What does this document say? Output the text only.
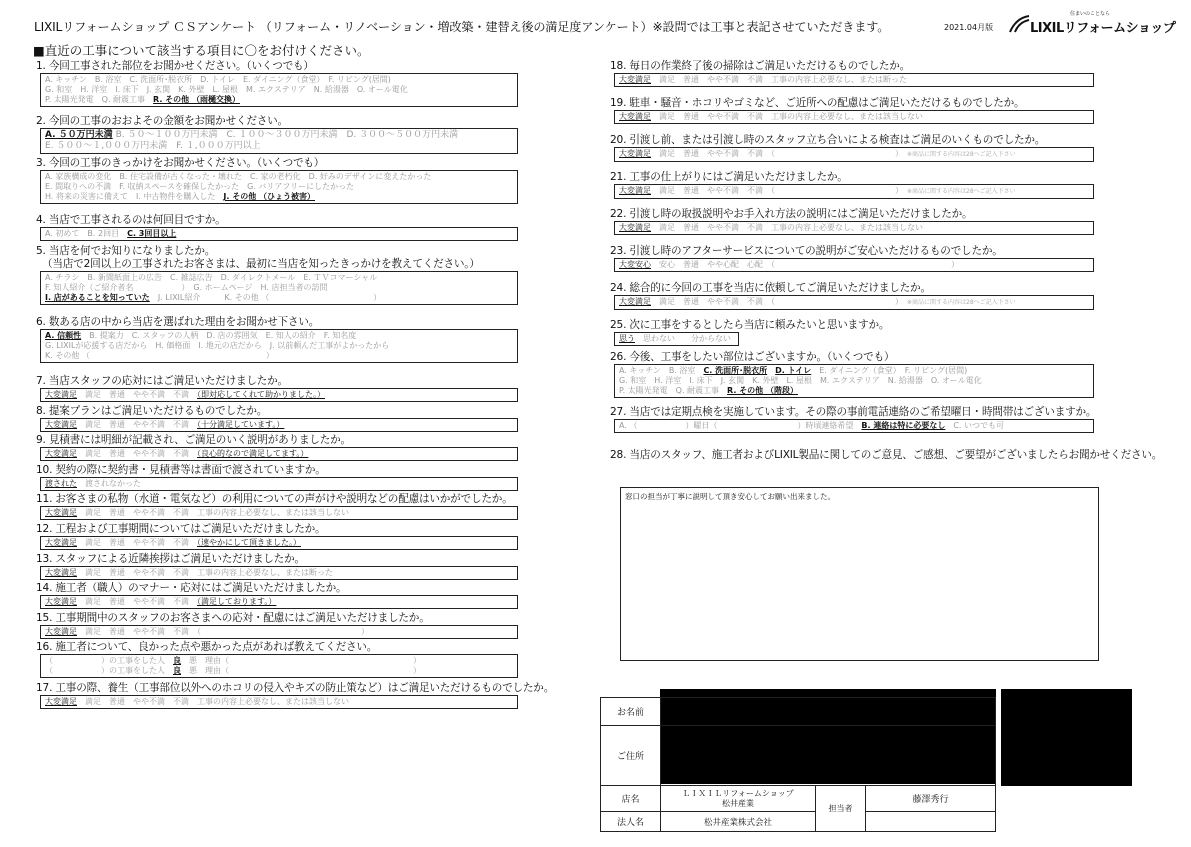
LIXILリフォームショップ ＣＳアンケート （リフォーム・リノベーション・増改築・建替え後の満足度アンケート）※設問では工事と表記させていただきます。	2021.04月版
住まいのことなら
LIXILリフォームショップ
■直近の工事について該当する項目に〇をお付けください。
1. 今回工事された部位をお聞かせください。（いくつでも）
A. キッチン　B. 浴室　C. 洗面所･脱衣所　D. トイレ　E. ダイニング（食堂）　F. リビング(居間)
G. 和室　H. 洋室　I. 床下　J. 玄関　K. 外壁　L. 屋根　M. エクステリア　N. 給湯器　O. オール電化
P. 太陽光発電　Q. 耐震工事　 R. その他 （雨樋交換）
2. 今回の工事のおおよその金額をお聞かせください。
A. ５０万円未満 B. ５０～１００万円未満　C. １００～３００万円未満　D. ３００～５００万円未満
E. ５００～１,０００万円未満　F. １,０００万円以上
3. 今回の工事のきっかけをお聞かせください。（いくつでも）
A. 家族構成の変化　B. 住宅設備が古くなった・壊れた　C. 家の老朽化　D. 好みのデザインに変えたかった
E. 間取りへの不満　F. 収納スペースを確保したかった　G. バリアフリーにしたかった
H. 将来の災害に備えて　I. 中古物件を購入した　 J. その他 （ひょう被害）
4. 当店で工事されるのは何回目ですか。
A. 初めて　B. 2回目　 C. 3回目以上
5. 当店を何でお知りになりましたか。
（当店で2回以上の工事されたお客さまは、最初に当店を知ったきっかけを教えてください。）
A. チラシ　B. 新聞紙面上の広告　C. 雑誌広告　D. ダイレクトメール　E. ＴＶコマーシャル
F. 知人紹介（ご紹介者名　　　　　　）　G. ホームページ　H. 店担当者の訪問
I. 店があることを知っていた　 J. LIXIL紹介　　　K. その他 （　　　　　　　　　　　　　）
6. 数ある店の中から当店を選ばれた理由をお聞かせ下さい。
A. 信頼性　 B. 提案力　C. スタッフの人柄　D. 店の雰囲気　E. 知人の紹介　F. 知名度
G. LIXILが応援する店だから　H. 価格面　I. 地元の店だから　J. 以前頼んだ工事がよかったから
K. その他 （　　　　　　　　　　　　　　　　　　　　　　）
7. 当店スタッフの応対にはご満足いただけましたか。
大変満足　 満足　普通　やや不満　不満　 （即対応してくれて助かりました。）
8. 提案プランはご満足いただけるものでしたか。
大変満足　 満足　普通　やや不満　不満　 （十分満足しています。）
9. 見積書には明細が記載され、ご満足のいく説明がありましたか。
大変満足　 満足　普通　やや不満　不満　 （良心的なので満足してます。）
10. 契約の際に契約書・見積書等は書面で渡されていますか。
渡された　 渡されなかった
11. お客さまの私物（水道・電気など）の利用についての声がけや説明などの配慮はいかがでしたか。
大変満足　 満足　普通　やや不満　不満　工事の内容上必要なし、または該当しない
12. 工程および工事期間についてはご満足いただけましたか。
大変満足　 満足　普通　やや不満　不満　 （速やかにして頂きました。）
13. スタッフによる近隣挨拶はご満足いただけましたか。
大変満足　 満足　普通　やや不満　不満　工事の内容上必要なし、または断った
14. 施工者（職人）のマナー・応対にはご満足いただけましたか。
大変満足　 満足　普通　やや不満　不満　 （満足しております。）
15. 工事期間中のスタッフのお客さまへの応対・配慮にはご満足いただけましたか。
大変満足　 満足　普通　やや不満　不満　（　　　　　　　　　　　　　　　　　　　　）
16. 施工者について、良かった点や悪かった点があれば教えてください。
（　　　　　　）の工事をした人　 良　 悪　理由（　　　　　　　　　　　　　　　　　　　　　　　）
（　　　　　　）の工事をした人　 良　 悪　理由（　　　　　　　　　　　　　　　　　　　　　　　）
17. 工事の際、養生（工事部位以外へのホコリの侵入やキズの防止策など）はご満足いただけるものでしたか。
大変満足　 満足　普通　やや不満　不満　工事の内容上必要なし、または該当しない
18. 毎日の作業終了後の掃除はご満足いただけるものでしたか。
大変満足　 満足　普通　やや不満　不満　工事の内容上必要なし、または断った
19. 駐車・騒音・ホコリやゴミなど、ご近所への配慮はご満足いただけるものでしたか。
大変満足　 満足　普通　やや不満　不満　工事の内容上必要なし、または該当しない
20. 引渡し前、または引渡し時のスタッフ立ち合いによる検査はご満足のいくものでしたか。
大変満足　 満足　普通　やや不満　不満　（　　　　　　　　　　　　　　　）　 ※商品に関する内容は28へご記入下さい
21. 工事の仕上がりにはご満足いただけましたか。
大変満足　 満足　普通　やや不満　不満　（　　　　　　　　　　　　　　　）　 ※商品に関する内容は28へご記入下さい
22. 引渡し時の取扱説明やお手入れ方法の説明にはご満足いただけましたか。
大変満足　 満足　普通　やや不満　不満　工事の内容上必要なし、または該当しない
23. 引渡し時のアフターサービスについての説明がご安心いただけるものでしたか。
大変安心　 安心　普通　やや心配　心配　（　　　　　　　　　　　　　　　　　　　　　　）
24. 総合的に今回の工事を当店に依頼してご満足いただけましたか。
大変満足　 満足　普通　やや不満　不満　（　　　　　　　　　　　　　　　）　 ※商品に関する内容は28へご記入下さい
25. 次に工事をするとしたら当店に頼みたいと思いますか。
思う　 思わない　　分からない
26. 今後、工事をしたい部位はございますか。（いくつでも）
A. キッチン　B. 浴室　 C. 洗面所･脱衣所　 D. トイレ　 E. ダイニング（食堂）　F. リビング(居間)
G. 和室　H. 洋室　I. 床下　J. 玄関　K. 外壁　L. 屋根　M. エクステリア　N. 給湯器　O. オール電化
P. 太陽光発電　Q. 耐震工事　 R. その他 （階段）
27. 当店では定期点検を実施しています。その際の事前電話連絡のご希望曜日・時間帯はございますか。
A. （　　　　　　）曜日（　　　　　　　　　　）時頃連絡希望　 B. 連絡は特に必要なし　 C. いつでも可
28. 当店のスタッフ、施工者およびLIXIL製品に関してのご意見、ご感想、ご要望がございましたらお聞かせください。
窓口の担当が丁寧に説明して頂き安心してお願い出来ました。
お名前			
ご住所			
店名	ＬＩＸＩＬリフォームショップ
松井産業	担当者	藤澤秀行
法人名	松井産業株式会社		
